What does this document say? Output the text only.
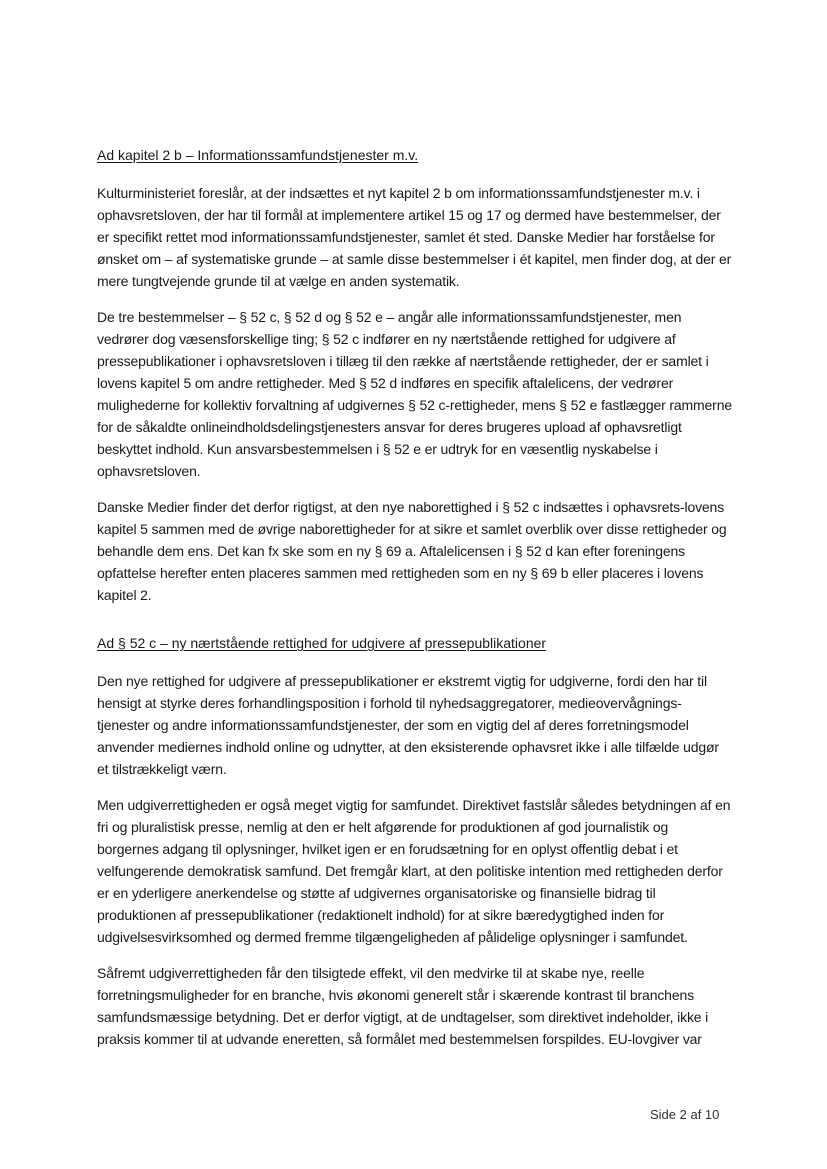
Ad kapitel 2 b – Informationssamfundstjenester m.v.

Kulturministeriet foreslår, at der indsættes et nyt kapitel 2 b om informationssamfundstjenester m.v. i ophavsretsloven, der har til formål at implementere artikel 15 og 17 og dermed have bestemmelser, der er specifikt rettet mod informationssamfundstjenester, samlet ét sted. Danske Medier har forståelse for ønsket om – af systematiske grunde – at samle disse bestemmelser i ét kapitel, men finder dog, at der er mere tungtvejende grunde til at vælge en anden systematik.

De tre bestemmelser – § 52 c, § 52 d og § 52 e – angår alle informationssamfundstjenester, men vedrører dog væsensforskellige ting; § 52 c indfører en ny nærtstående rettighed for udgivere af pressepublikationer i ophavsretsloven i tillæg til den række af nærtstående rettigheder, der er samlet i lovens kapitel 5 om andre rettigheder. Med § 52 d indføres en specifik aftalelicens, der vedrører mulighederne for kollektiv forvaltning af udgivernes § 52 c-rettigheder, mens § 52 e fastlægger rammerne for de såkaldte onlineindholdsdelingstjenesters ansvar for deres brugeres upload af ophavsretligt beskyttet indhold. Kun ansvarsbestemmelsen i § 52 e er udtryk for en væsentlig nyskabelse i ophavsretsloven.

Danske Medier finder det derfor rigtigst, at den nye naborettighed i § 52 c indsættes i ophavsrets-lovens kapitel 5 sammen med de øvrige naborettigheder for at sikre et samlet overblik over disse rettigheder og behandle dem ens. Det kan fx ske som en ny § 69 a. Aftalelicensen i § 52 d kan efter foreningens opfattelse herefter enten placeres sammen med rettigheden som en ny § 69 b eller placeres i lovens kapitel 2.

Ad § 52 c – ny nærtstående rettighed for udgivere af pressepublikationer

Den nye rettighed for udgivere af pressepublikationer er ekstremt vigtig for udgiverne, fordi den har til hensigt at styrke deres forhandlingsposition i forhold til nyhedsaggregatorer, medieovervågnings-tjenester og andre informationssamfundstjenester, der som en vigtig del af deres forretningsmodel anvender mediernes indhold online og udnytter, at den eksisterende ophavsret ikke i alle tilfælde udgør et tilstrækkeligt værn.

Men udgiverrettigheden er også meget vigtig for samfundet. Direktivet fastslår således betydningen af en fri og pluralistisk presse, nemlig at den er helt afgørende for produktionen af god journalistik og borgernes adgang til oplysninger, hvilket igen er en forudsætning for en oplyst offentlig debat i et velfungerende demokratisk samfund. Det fremgår klart, at den politiske intention med rettigheden derfor er en yderligere anerkendelse og støtte af udgivernes organisatoriske og finansielle bidrag til produktionen af pressepublikationer (redaktionelt indhold) for at sikre bæredygtighed inden for udgivelsesvirksomhed og dermed fremme tilgængeligheden af pålidelige oplysninger i samfundet.

Såfremt udgiverrettigheden får den tilsigtede effekt, vil den medvirke til at skabe nye, reelle forretningsmuligheder for en branche, hvis økonomi generelt står i skærende kontrast til branchens samfundsmæssige betydning. Det er derfor vigtigt, at de undtagelser, som direktivet indeholder, ikke i praksis kommer til at udvande eneretten, så formålet med bestemmelsen forspildes. EU-lovgiver var

Side 2 af 10
